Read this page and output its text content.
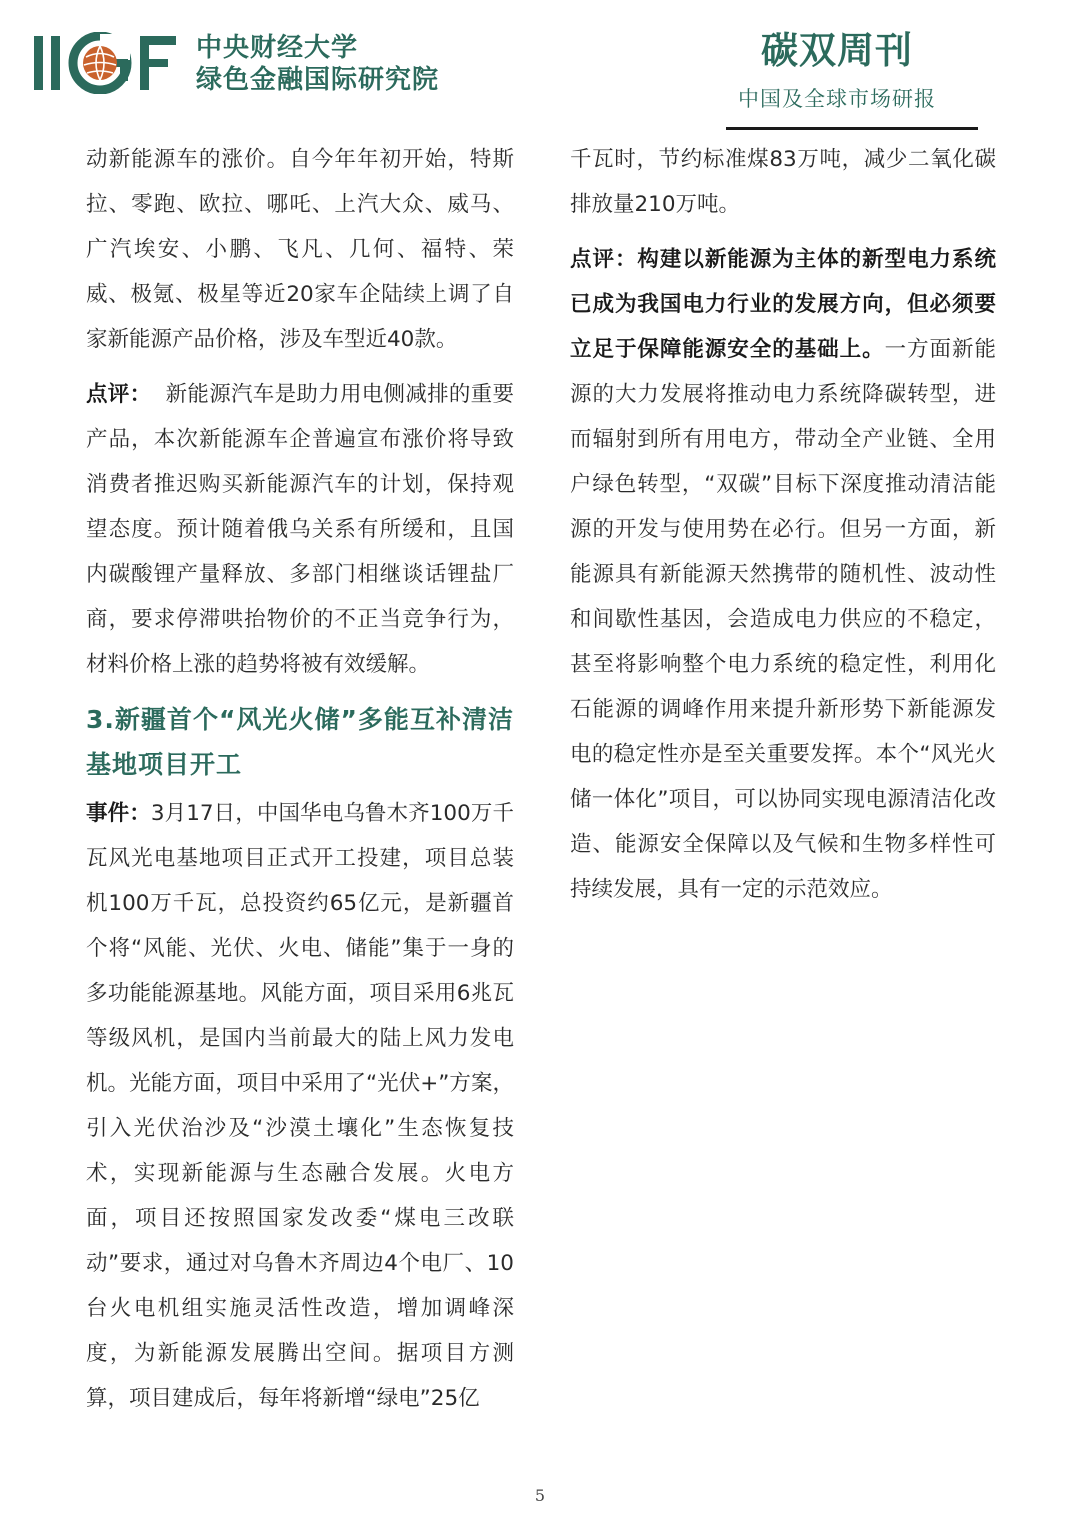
中央财经大学
绿色金融国际研究院
碳双周刊
中国及全球市场研报

动新能源车的涨价。自今年年初开始，特斯拉、零跑、欧拉、哪吒、上汽大众、威马、广汽埃安、小鹏、飞凡、几何、福特、荣威、极氪、极星等近20家车企陆续上调了自家新能源产品价格，涉及车型近40款。

点评： 新能源汽车是助力用电侧减排的重要产品，本次新能源车企普遍宣布涨价将导致消费者推迟购买新能源汽车的计划，保持观望态度。预计随着俄乌关系有所缓和，且国内碳酸锂产量释放、多部门相继谈话锂盐厂商，要求停滞哄抬物价的不正当竞争行为，材料价格上涨的趋势将被有效缓解。

3.新疆首个“风光火储”多能互补清洁基地项目开工

事件：3月17日，中国华电乌鲁木齐100万千瓦风光电基地项目正式开工投建，项目总装机100万千瓦，总投资约65亿元，是新疆首个将“风能、光伏、火电、储能”集于一身的多功能能源基地。风能方面，项目采用6兆瓦等级风机，是国内当前最大的陆上风力发电机。光能方面，项目中采用了“光伏+”方案，引入光伏治沙及“沙漠土壤化”生态恢复技术，实现新能源与生态融合发展。火电方面，项目还按照国家发改委“煤电三改联动”要求，通过对乌鲁木齐周边4个电厂、10台火电机组实施灵活性改造，增加调峰深度，为新能源发展腾出空间。据项目方测算，项目建成后，每年将新增“绿电”25亿

千瓦时，节约标准煤83万吨，减少二氧化碳排放量210万吨。

点评：构建以新能源为主体的新型电力系统已成为我国电力行业的发展方向，但必须要立足于保障能源安全的基础上。一方面新能源的大力发展将推动电力系统降碳转型，进而辐射到所有用电方，带动全产业链、全用户绿色转型，“双碳”目标下深度推动清洁能源的开发与使用势在必行。但另一方面，新能源具有新能源天然携带的随机性、波动性和间歇性基因，会造成电力供应的不稳定，甚至将影响整个电力系统的稳定性，利用化石能源的调峰作用来提升新形势下新能源发电的稳定性亦是至关重要发挥。本个“风光火储一体化”项目，可以协同实现电源清洁化改造、能源安全保障以及气候和生物多样性可持续发展，具有一定的示范效应。

5
